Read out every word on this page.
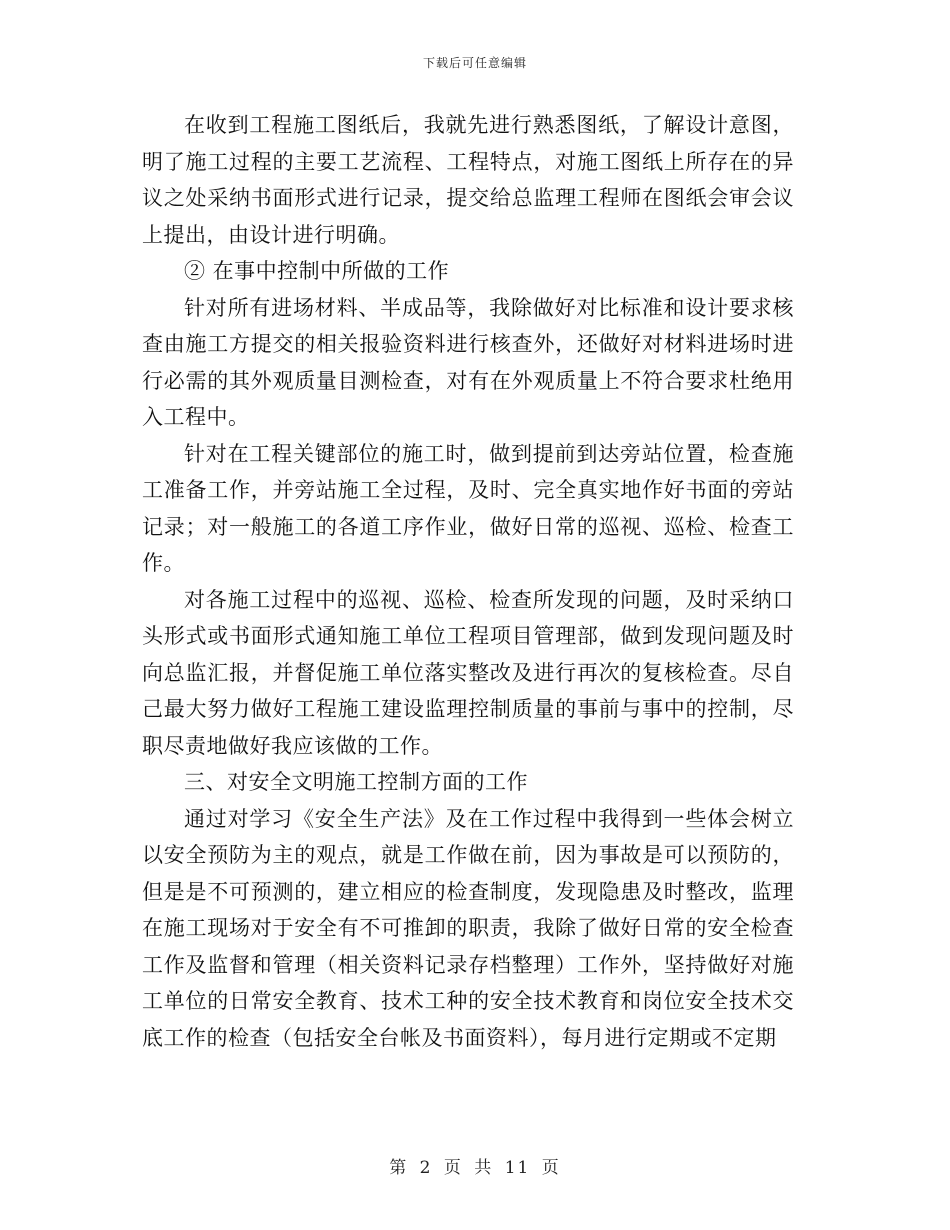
下载后可任意编辑

在收到工程施工图纸后，我就先进行熟悉图纸，了解设计意图，明了施工过程的主要工艺流程、工程特点，对施工图纸上所存在的异议之处采纳书面形式进行记录，提交给总监理工程师在图纸会审会议上提出，由设计进行明确。

② 在事中控制中所做的工作

针对所有进场材料、半成品等，我除做好对比标准和设计要求核查由施工方提交的相关报验资料进行核查外，还做好对材料进场时进行必需的其外观质量目测检查，对有在外观质量上不符合要求杜绝用入工程中。

针对在工程关键部位的施工时，做到提前到达旁站位置，检查施工准备工作，并旁站施工全过程，及时、完全真实地作好书面的旁站记录；对一般施工的各道工序作业，做好日常的巡视、巡检、检查工作。

对各施工过程中的巡视、巡检、检查所发现的问题，及时采纳口头形式或书面形式通知施工单位工程项目管理部，做到发现问题及时向总监汇报，并督促施工单位落实整改及进行再次的复核检查。尽自己最大努力做好工程施工建设监理控制质量的事前与事中的控制，尽职尽责地做好我应该做的工作。

三、对安全文明施工控制方面的工作

通过对学习《安全生产法》及在工作过程中我得到一些体会树立以安全预防为主的观点，就是工作做在前，因为事故是可以预防的，但是是不可预测的，建立相应的检查制度，发现隐患及时整改，监理在施工现场对于安全有不可推卸的职责，我除了做好日常的安全检查工作及监督和管理（相关资料记录存档整理）工作外，坚持做好对施工单位的日常安全教育、技术工种的安全技术教育和岗位安全技术交底工作的检查（包括安全台帐及书面资料），每月进行定期或不定期

第 2 页 共 11 页
